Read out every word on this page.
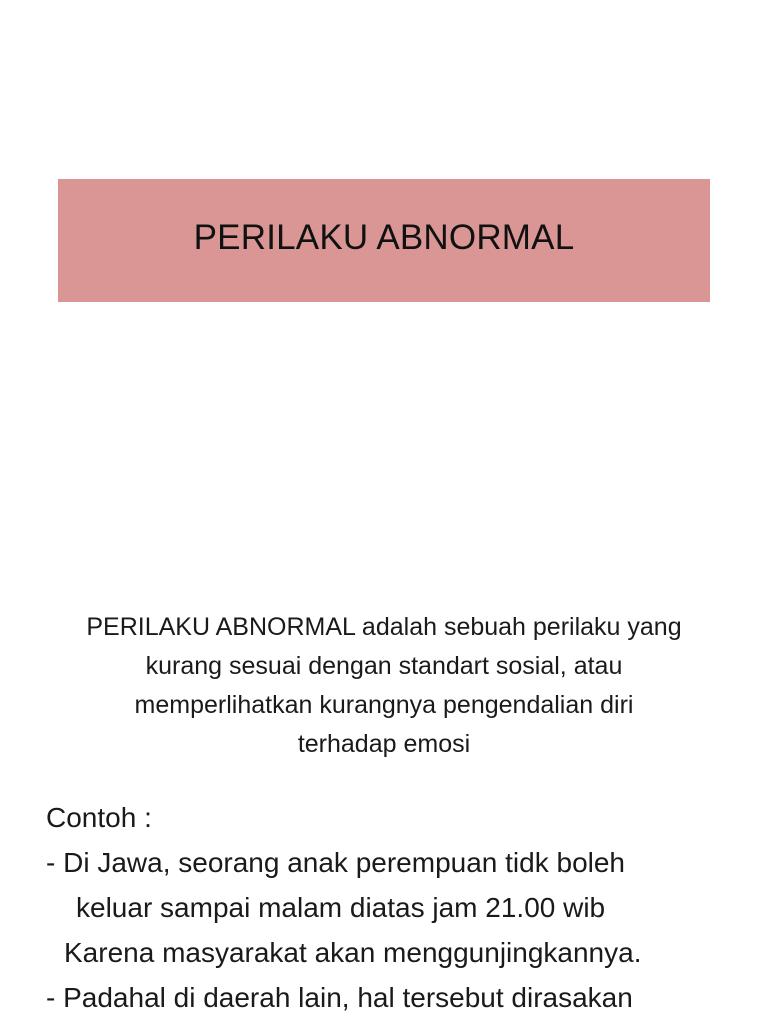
PERILAKU ABNORMAL
PERILAKU ABNORMAL adalah sebuah perilaku yang
kurang sesuai dengan standart sosial, atau
memperlihatkan kurangnya pengendalian diri
terhadap emosi
Contoh :
- Di Jawa, seorang anak perempuan tidk boleh
keluar sampai malam diatas jam 21.00 wib
Karena masyarakat akan menggunjingkannya.
- Padahal di daerah lain, hal tersebut dirasakan
